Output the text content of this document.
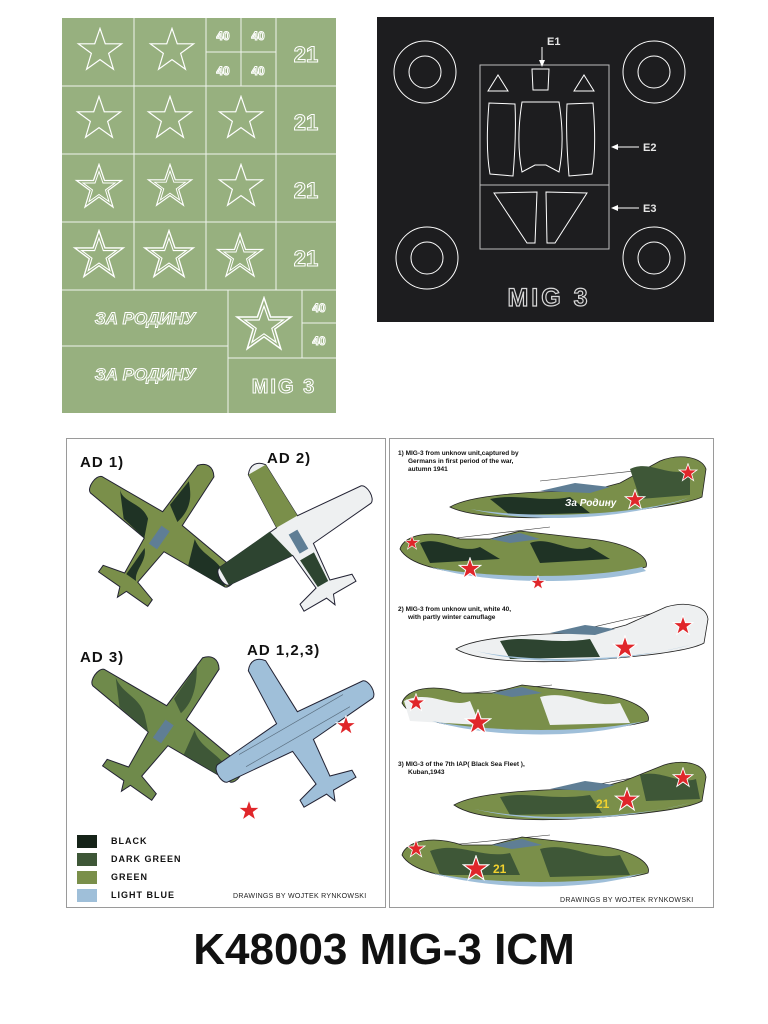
40 40
40 40
21
21
21
21
40
40
ЗА РОДИНУ
ЗА РОДИНУ
MIG 3
E1
E2
E3
MIG 3
AD 1)	AD 2)
AD 3)	AD 1,2,3)
BLACK
DARK GREEN
GREEN
LIGHT BLUE	DRAWINGS BY WOJTEK RYNKOWSKI
1) MIG-3 from unknow unit,captured by
Germans in first period of the war,
autumn 1941
2) MIG-3 from unknow unit, white 40,
with partly winter camuflage
3) MIG-3 of the 7th IAP( Black Sea Fleet ),
Kuban,1943
За Родину
21
21
DRAWINGS BY WOJTEK RYNKOWSKI
K48003 MIG-3 ICM
